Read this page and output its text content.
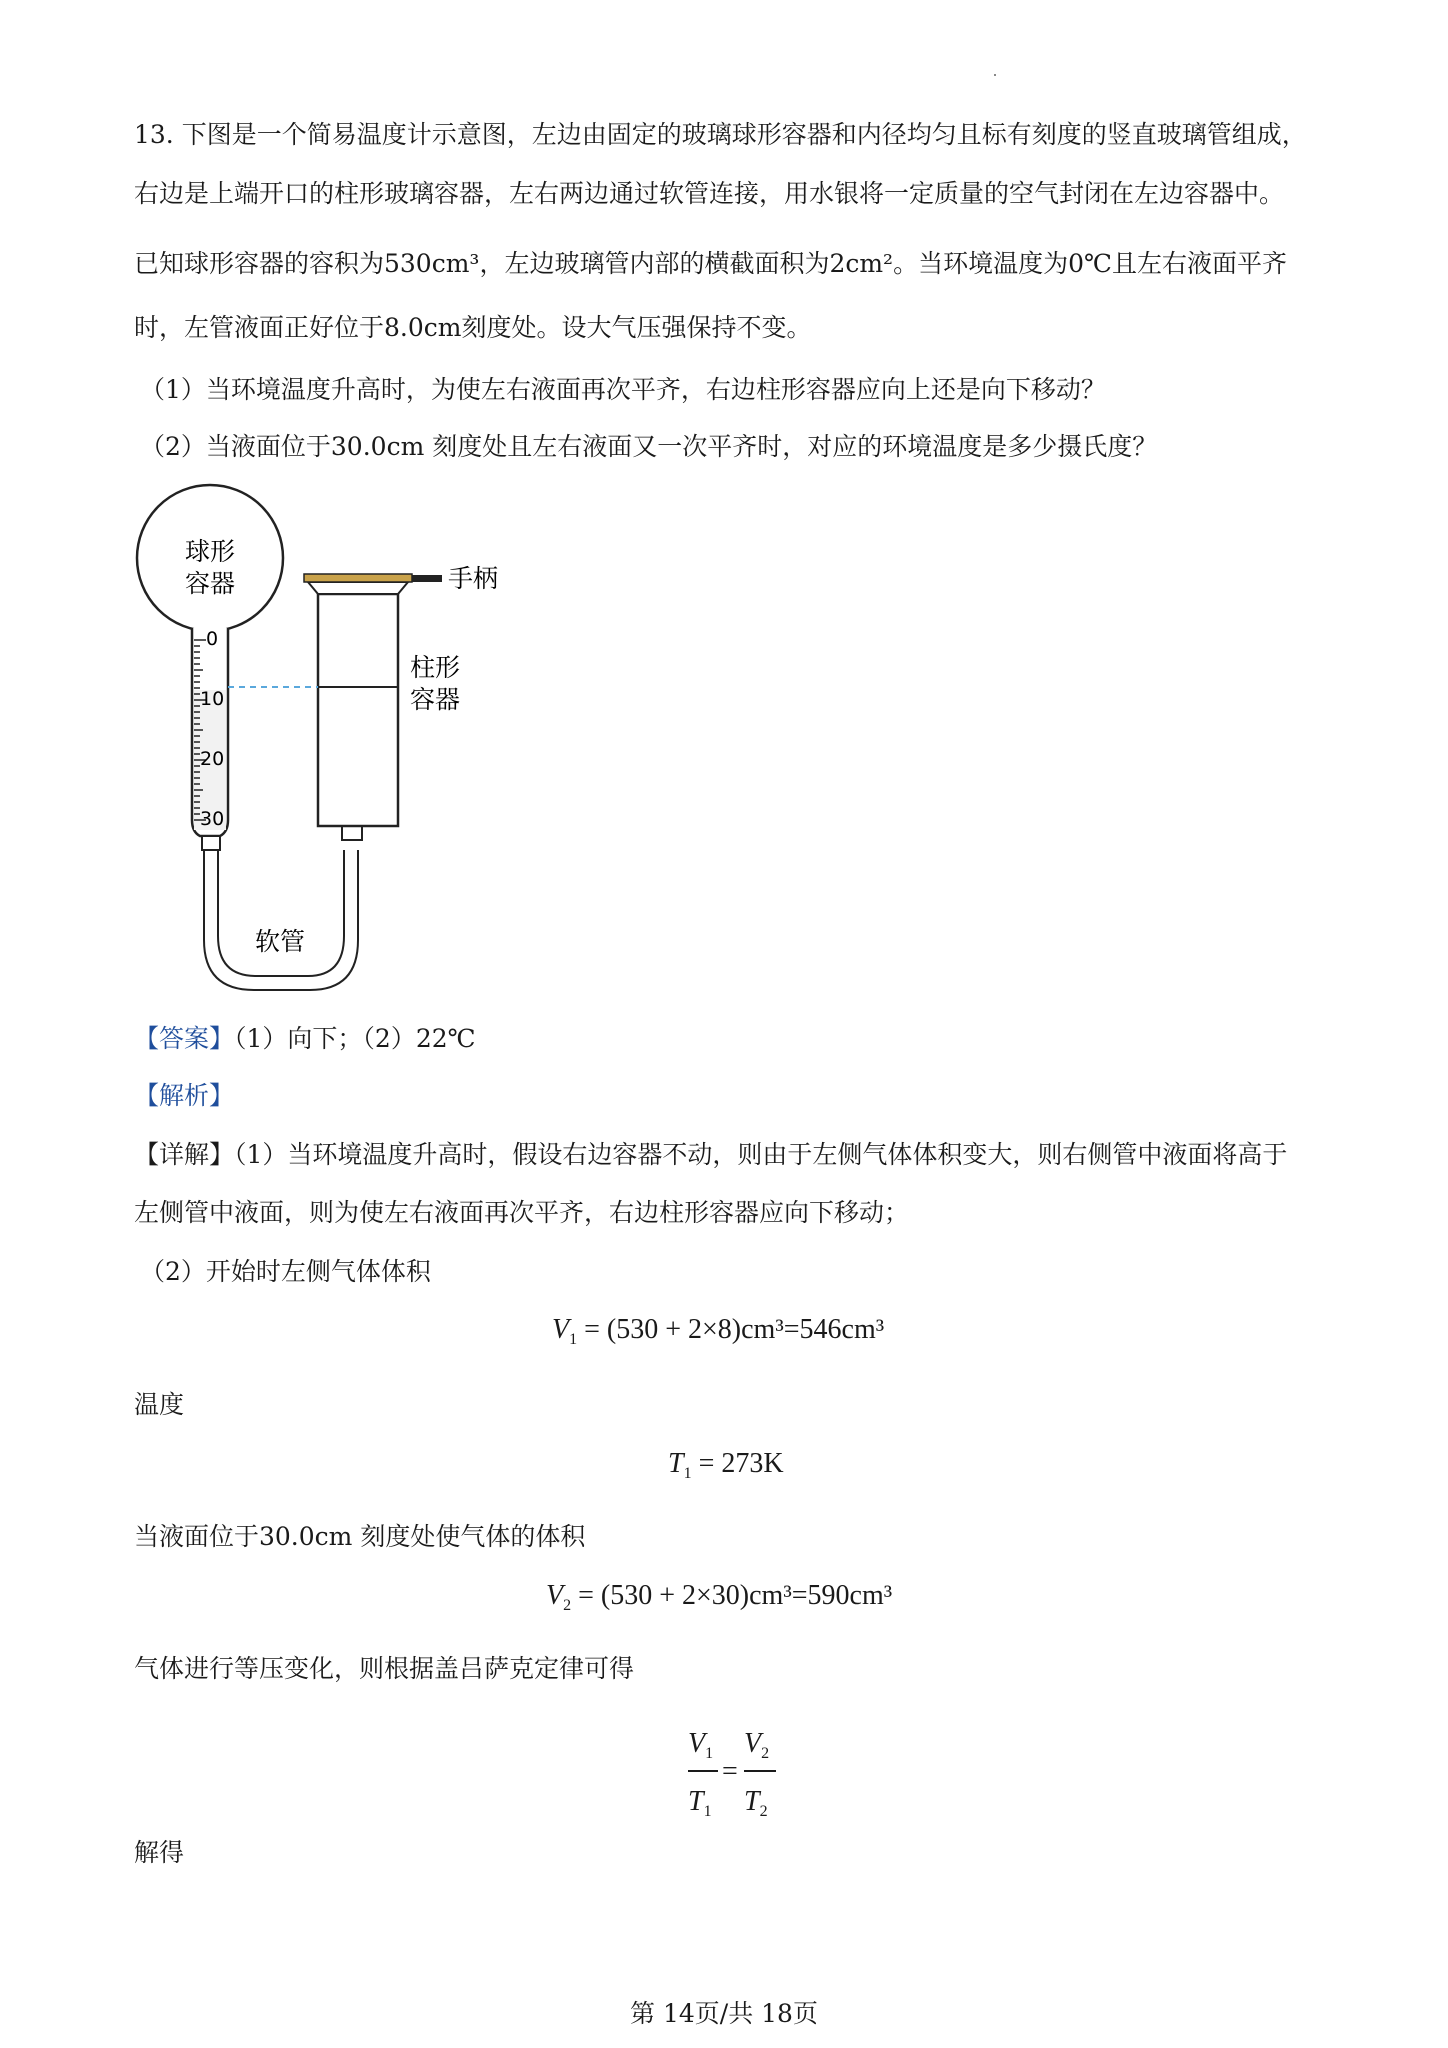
13. 下图是一个简易温度计示意图，左边由固定的玻璃球形容器和内径均匀且标有刻度的竖直玻璃管组成，
右边是上端开口的柱形玻璃容器，左右两边通过软管连接，用水银将一定质量的空气封闭在左边容器中。
已知球形容器的容积为530cm³，左边玻璃管内部的横截面积为2cm²。当环境温度为0℃且左右液面平齐
时，左管液面正好位于8.0cm刻度处。设大气压强保持不变。
（1）当环境温度升高时，为使左右液面再次平齐，右边柱形容器应向上还是向下移动？
（2）当液面位于30.0cm 刻度处且左右液面又一次平齐时，对应的环境温度是多少摄氏度？
球形
容器
0
10
20
30
软管
手柄
柱形
容器
【答案】（1）向下；（2）22℃
【解析】
【详解】（1）当环境温度升高时，假设右边容器不动，则由于左侧气体体积变大，则右侧管中液面将高于
左侧管中液面，则为使左右液面再次平齐，右边柱形容器应向下移动；
（2）开始时左侧气体体积
$V_1 = (530 + 2\times 8)cm^3=546cm^3$
温度
$T_1 = 273K$
当液面位于30.0cm 刻度处使气体的体积
$V_2 = (530 + 2\times 30)cm^3=590cm^3$
气体进行等压变化，则根据盖吕萨克定律可得
$V_1$
$T_1$
=
$V_2$
$T_2$
解得
第 14页/共 18页
